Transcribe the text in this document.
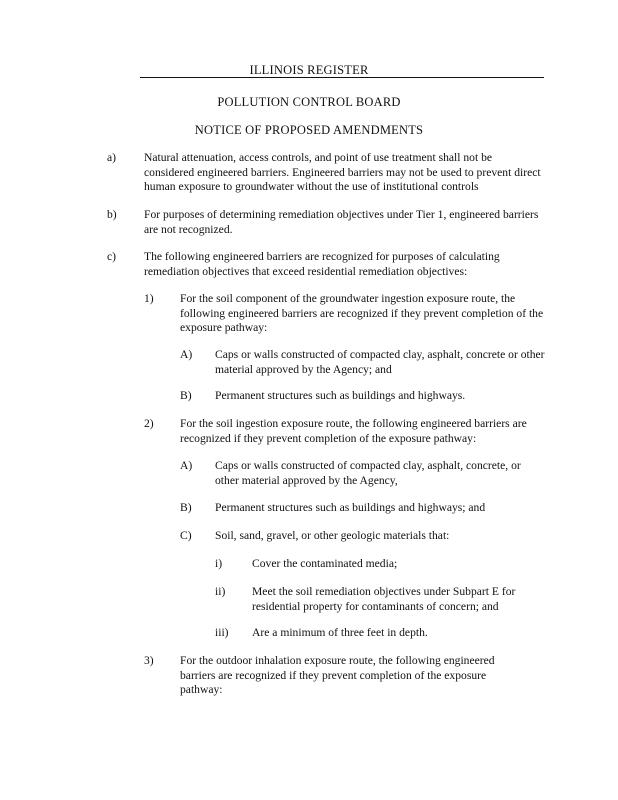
ILLINOIS REGISTER
POLLUTION CONTROL BOARD
NOTICE OF PROPOSED AMENDMENTS
a) Natural attenuation, access controls, and point of use treatment shall not be considered engineered barriers. Engineered barriers may not be used to prevent direct human exposure to groundwater without the use of institutional controls
b) For purposes of determining remediation objectives under Tier 1, engineered barriers are not recognized.
c) The following engineered barriers are recognized for purposes of calculating remediation objectives that exceed residential remediation objectives:
1) For the soil component of the groundwater ingestion exposure route, the following engineered barriers are recognized if they prevent completion of the exposure pathway:
A) Caps or walls constructed of compacted clay, asphalt, concrete or other material approved by the Agency; and
B) Permanent structures such as buildings and highways.
2) For the soil ingestion exposure route, the following engineered barriers are recognized if they prevent completion of the exposure pathway:
A) Caps or walls constructed of compacted clay, asphalt, concrete, or other material approved by the Agency,
B) Permanent structures such as buildings and highways; and
C) Soil, sand, gravel, or other geologic materials that:
i)	Cover the contaminated media;
ii) Meet the soil remediation objectives under Subpart E for residential property for contaminants of concern; and
iii) Are a minimum of three feet in depth.
3) For the outdoor inhalation exposure route, the following engineered barriers are recognized if they prevent completion of the exposure pathway:
